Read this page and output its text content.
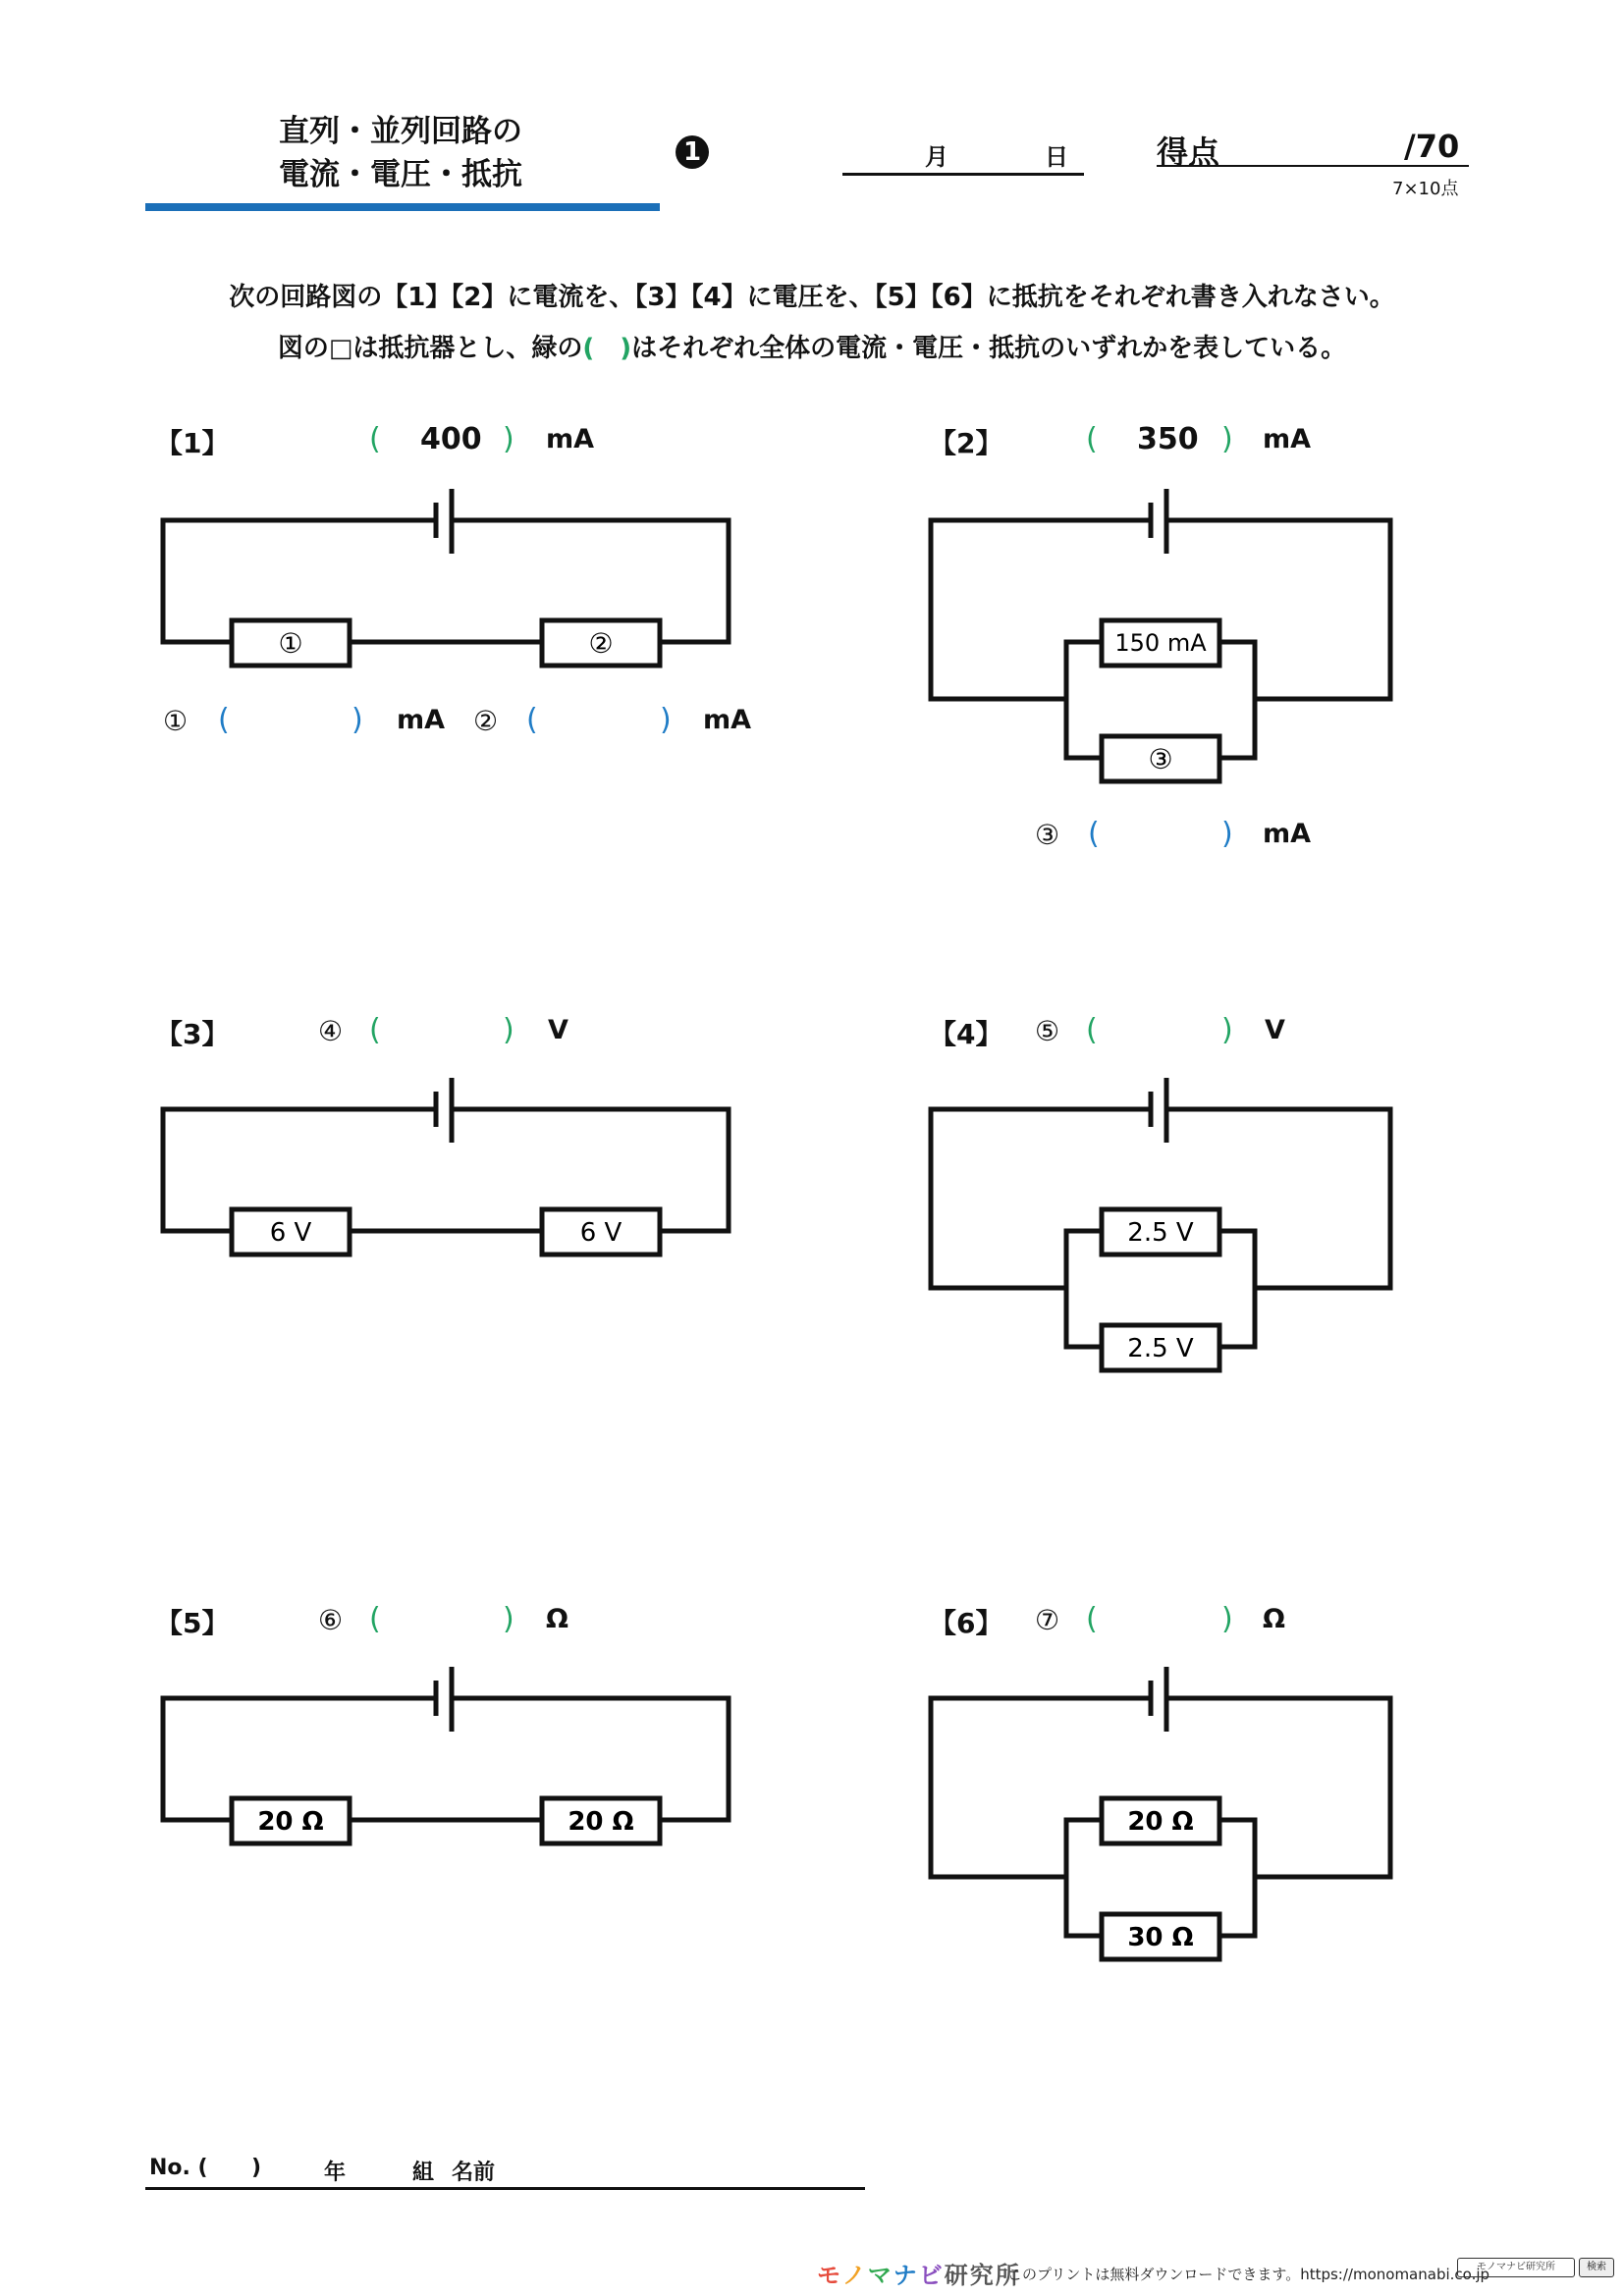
直列・並列回路の
電流・電圧・抵抗
1	月	日	得点	/70
7×10点
次の回路図の【1】【2】に電流を、【3】【4】に電圧を、【5】【6】に抵抗をそれぞれ書き入れなさい。
図の□は抵抗器とし、緑の(　)はそれぞれ全体の電流・電圧・抵抗のいずれかを表している。
【1】	( 400 ) mA
①	②
① (	) mA ② (	) mA
【2】	( 350 ) mA
150 mA
③
③ (	) mA
【3】	④ (	) V
6 V	6 V
【4】 ⑤ (	) V
2.5 V
2.5 V
【5】	⑥ (	) Ω
20 Ω	20 Ω
【6】 ⑦ (	) Ω
20 Ω
30 Ω
No. ( )	年	組 名前
モノマナビ研究所
このプリントは無料ダウンロードできます。https://monomanabi.co.jp
モノマナビ研究所	検索
